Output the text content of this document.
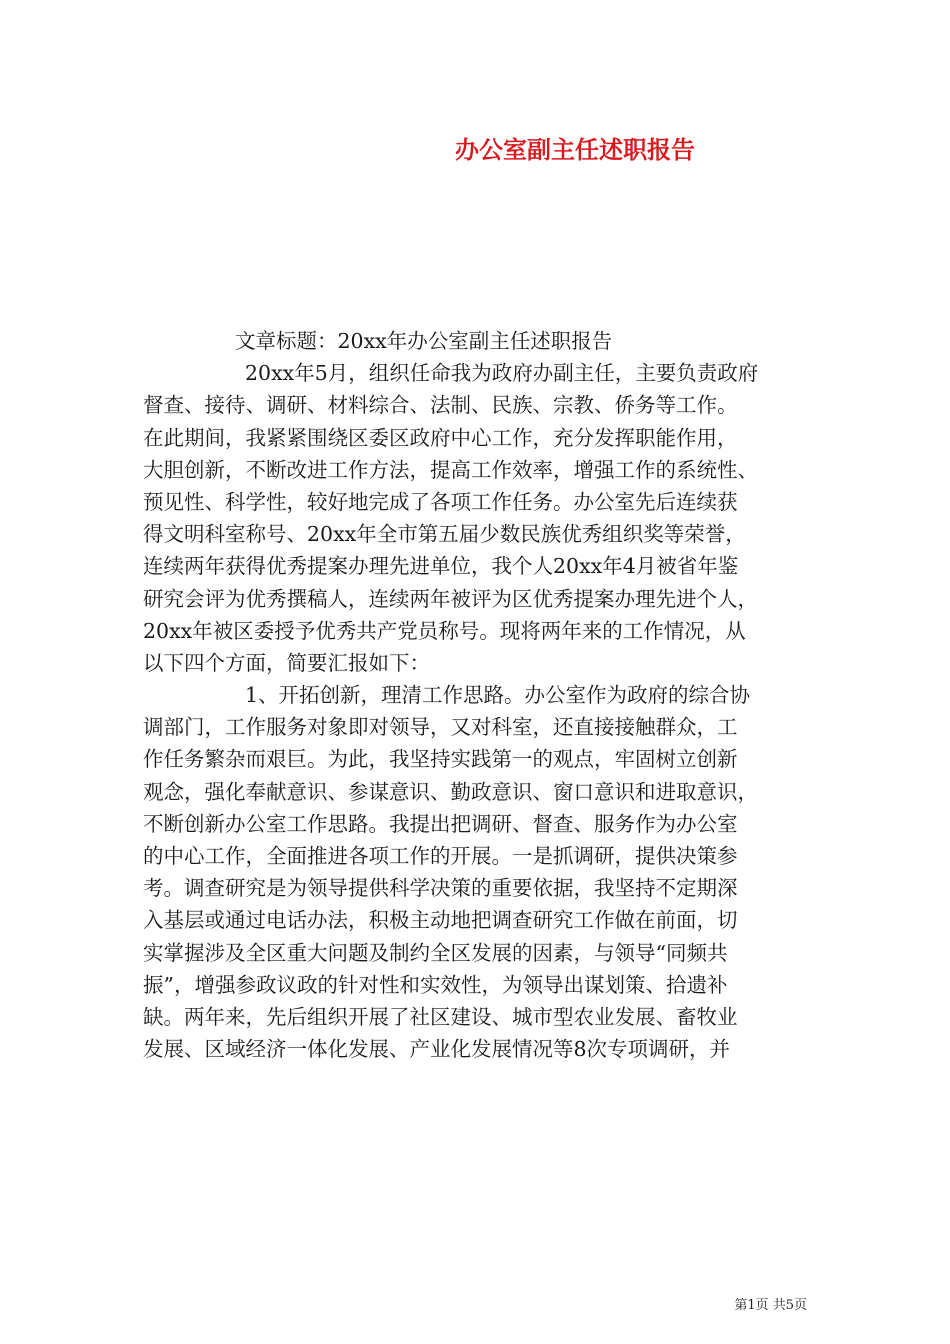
办公室副主任述职报告
文章标题：20xx年办公室副主任述职报告
20xx年5月，组织任命我为政府办副主任，主要负责政府
督查、接待、调研、材料综合、法制、民族、宗教、侨务等工作。
在此期间，我紧紧围绕区委区政府中心工作，充分发挥职能作用，
大胆创新，不断改进工作方法，提高工作效率，增强工作的系统性、
预见性、科学性，较好地完成了各项工作任务。办公室先后连续获
得文明科室称号、20xx年全市第五届少数民族优秀组织奖等荣誉，
连续两年获得优秀提案办理先进单位，我个人20xx年4月被省年鉴
研究会评为优秀撰稿人，连续两年被评为区优秀提案办理先进个人，
20xx年被区委授予优秀共产党员称号。现将两年来的工作情况，从
以下四个方面，简要汇报如下：
1、开拓创新，理清工作思路。办公室作为政府的综合协
调部门，工作服务对象即对领导，又对科室，还直接接触群众，工
作任务繁杂而艰巨。为此，我坚持实践第一的观点，牢固树立创新
观念，强化奉献意识、参谋意识、勤政意识、窗口意识和进取意识，
不断创新办公室工作思路。我提出把调研、督查、服务作为办公室
的中心工作，全面推进各项工作的开展。一是抓调研，提供决策参
考。调查研究是为领导提供科学决策的重要依据，我坚持不定期深
入基层或通过电话办法，积极主动地把调查研究工作做在前面，切
实掌握涉及全区重大问题及制约全区发展的因素，与领导“同频共
振”，增强参政议政的针对性和实效性，为领导出谋划策、拾遗补
缺。两年来，先后组织开展了社区建设、城市型农业发展、畜牧业
发展、区域经济一体化发展、产业化发展情况等8次专项调研，并
第1页 共5页
